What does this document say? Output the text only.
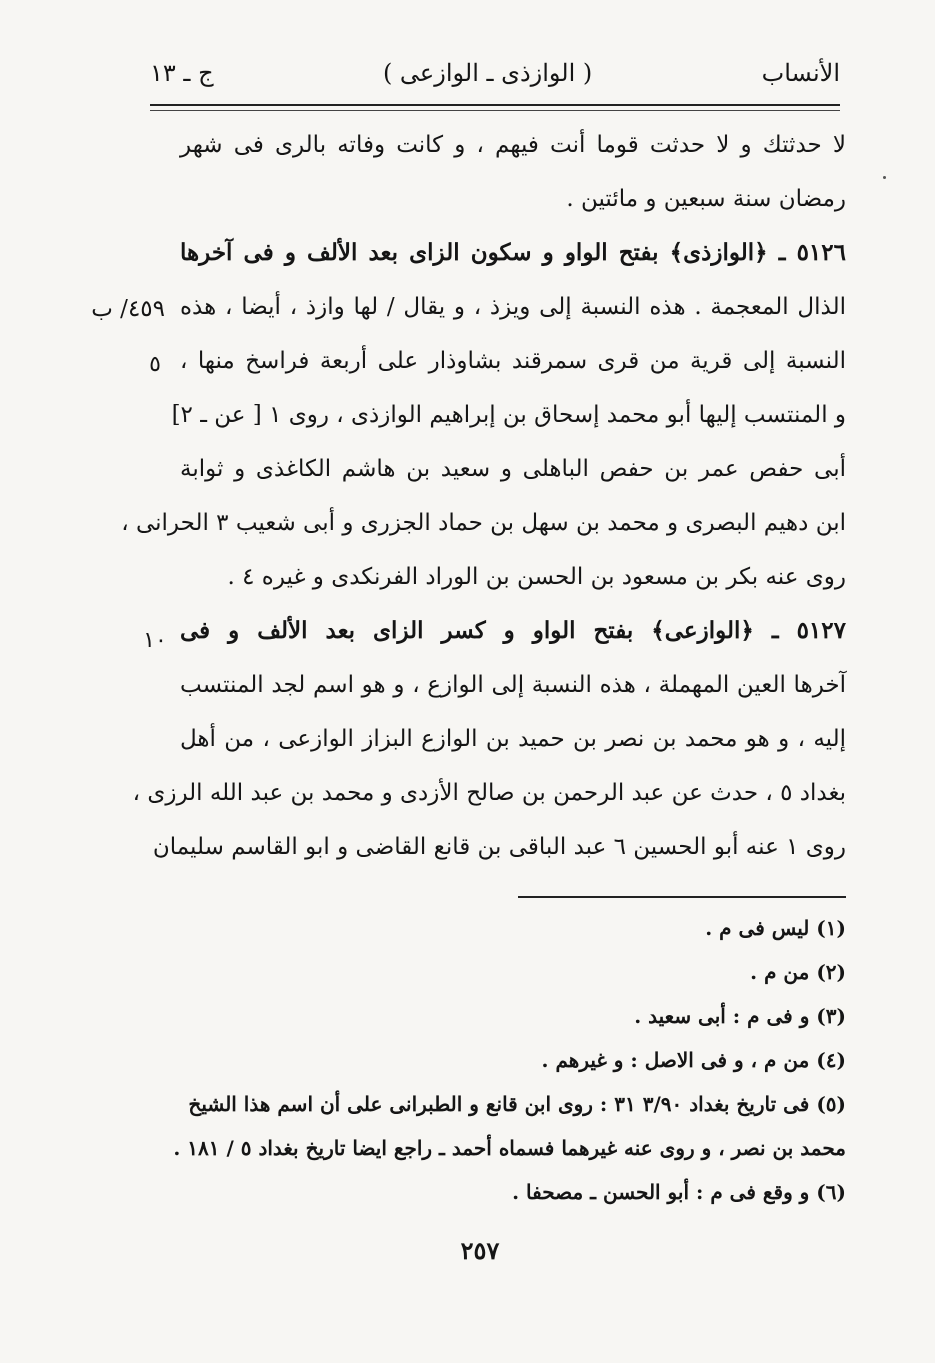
الأنساب
( الوازذى ـ الوازعى )
ج ـ ١٣
لا حدثتك و لا حدثت قوما أنت فيهم ، و كانت وفاته بالرى فى شهر
رمضان سنة سبعين و مائتين .
٥١٢٦ ـ ﴿الوازذى﴾ بفتح الواو و سكون الزاى بعد الألف و فى آخرها
الذال المعجمة . هذه النسبة إلى ويزذ ، و يقال / لها وازذ ، أيضا ، هذه
النسبة إلى قرية من قرى سمرقند بشاوذار على أربعة فراسخ منها ،
و المنتسب إليها أبو محمد إسحاق بن إبراهيم الوازذى ، روى ١ [ عن ـ ٢]
أبى حفص عمر بن حفص الباهلى و سعيد بن هاشم الكاغذى و ثوابة
ابن دهيم البصرى و محمد بن سهل بن حماد الجزرى و أبى شعيب ٣ الحرانى ،
روى عنه بكر بن مسعود بن الحسن بن الوراد الفرنكدى و غيره ٤ .
٥١٢٧ ـ ﴿الوازعى﴾ بفتح الواو و كسر الزاى بعد الألف و فى
آخرها العين المهملة ، هذه النسبة إلى الوازع ، و هو اسم لجد المنتسب
إليه ، و هو محمد بن نصر بن حميد بن الوازع البزاز الوازعى ، من أهل
بغداد ٥ ، حدث عن عبد الرحمن بن صالح الأزدى و محمد بن عبد الله الرزى ،
روى ١ عنه أبو الحسين ٦ عبد الباقى بن قانع القاضى و ابو القاسم سليمان
٤٥٩/ ب
٥
١٠
(١) ليس فى م .
(٢) من م .
(٣) و فى م : أبى سعيد .
(٤) من م ، و فى الاصل : و غيرهم .
(٥) فى تاريخ بغداد ٣/٩٠ ٣١ : روى ابن قانع و الطبرانى على أن اسم هذا الشيخ
محمد بن نصر ، و روى عنه غيرهما فسماه أحمد ـ راجع ايضا تاريخ بغداد ٥ / ١٨١ .
(٦) و وقع فى م : أبو الحسن ـ مصحفا .
٢٥٧
